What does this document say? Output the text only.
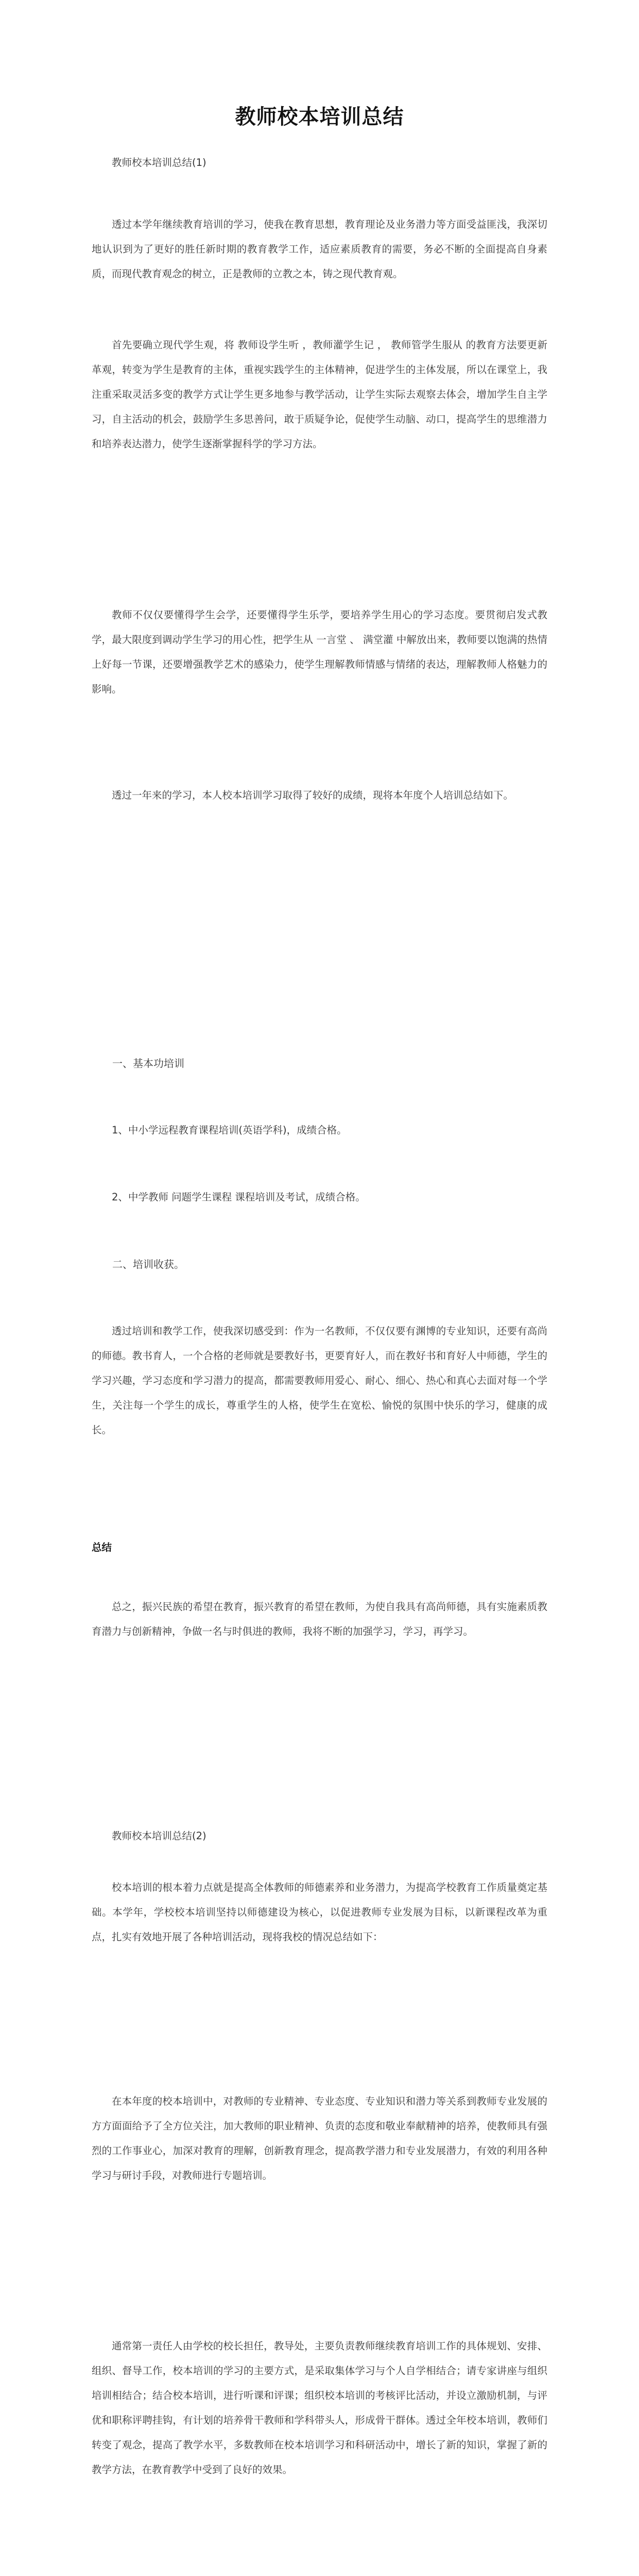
教师校本培训总结

教师校本培训总结(1)

透过本学年继续教育培训的学习，使我在教育思想，教育理论及业务潜力等方面受益匪浅，我深切地认识到为了更好的胜任新时期的教育教学工作，适应素质教育的需要，务必不断的全面提高自身素质，而现代教育观念的树立，正是教师的立教之本，铸之现代教育观。

首先要确立现代学生观，将 教师设学生听 ，教师灌学生记 ， 教师管学生服从 的教育方法要更新革观，转变为学生是教育的主体，重视实践学生的主体精神，促进学生的主体发展，所以在课堂上，我注重采取灵活多变的教学方式让学生更多地参与教学活动，让学生实际去观察去体会，增加学生自主学习，自主活动的机会，鼓励学生多思善问，敢于质疑争论，促使学生动脑、动口，提高学生的思维潜力和培养表达潜力，使学生逐渐掌握科学的学习方法。

教师不仅仅要懂得学生会学，还要懂得学生乐学，要培养学生用心的学习态度。要贯彻启发式教学，最大限度到调动学生学习的用心性，把学生从 一言堂 、 满堂灌 中解放出来，教师要以饱满的热情上好每一节课，还要增强教学艺术的感染力，使学生理解教师情感与情绪的表达，理解教师人格魅力的影响。

透过一年来的学习，本人校本培训学习取得了较好的成绩，现将本年度个人培训总结如下。

一、基本功培训

1、中小学远程教育课程培训(英语学科)，成绩合格。

2、中学教师 问题学生课程 课程培训及考试，成绩合格。

二、培训收获。

透过培训和教学工作，使我深切感受到：作为一名教师，不仅仅要有渊博的专业知识，还要有高尚的师德。教书育人，一个合格的老师就是要教好书，更要育好人，而在教好书和育好人中师德，学生的学习兴趣，学习态度和学习潜力的提高，都需要教师用爱心、耐心、细心、热心和真心去面对每一个学生，关注每一个学生的成长，尊重学生的人格，使学生在宽松、愉悦的氛围中快乐的学习，健康的成长。

总结

总之，振兴民族的希望在教育，振兴教育的希望在教师，为使自我具有高尚师德，具有实施素质教育潜力与创新精神，争做一名与时俱进的教师，我将不断的加强学习，学习，再学习。

教师校本培训总结(2)

校本培训的根本着力点就是提高全体教师的师德素养和业务潜力，为提高学校教育工作质量奠定基础。本学年，学校校本培训坚持以师德建设为核心，以促进教师专业发展为目标，以新课程改革为重点，扎实有效地开展了各种培训活动，现将我校的情况总结如下：

在本年度的校本培训中，对教师的专业精神、专业态度、专业知识和潜力等关系到教师专业发展的方方面面给予了全方位关注，加大教师的职业精神、负责的态度和敬业奉献精神的培养，使教师具有强烈的工作事业心，加深对教育的理解，创新教育理念，提高教学潜力和专业发展潜力，有效的利用各种学习与研讨手段，对教师进行专题培训。

通常第一责任人由学校的校长担任，教导处，主要负责教师继续教育培训工作的具体规划、安排、组织、督导工作，校本培训的学习的主要方式，是采取集体学习与个人自学相结合；请专家讲座与组织培训相结合；结合校本培训，进行听课和评课；组织校本培训的考核评比活动，并设立激励机制，与评优和职称评聘挂钩，有计划的培养骨干教师和学科带头人，形成骨干群体。透过全年校本培训，教师们转变了观念，提高了教学水平，多数教师在校本培训学习和科研活动中，增长了新的知识，掌握了新的教学方法，在教育教学中受到了良好的效果。
